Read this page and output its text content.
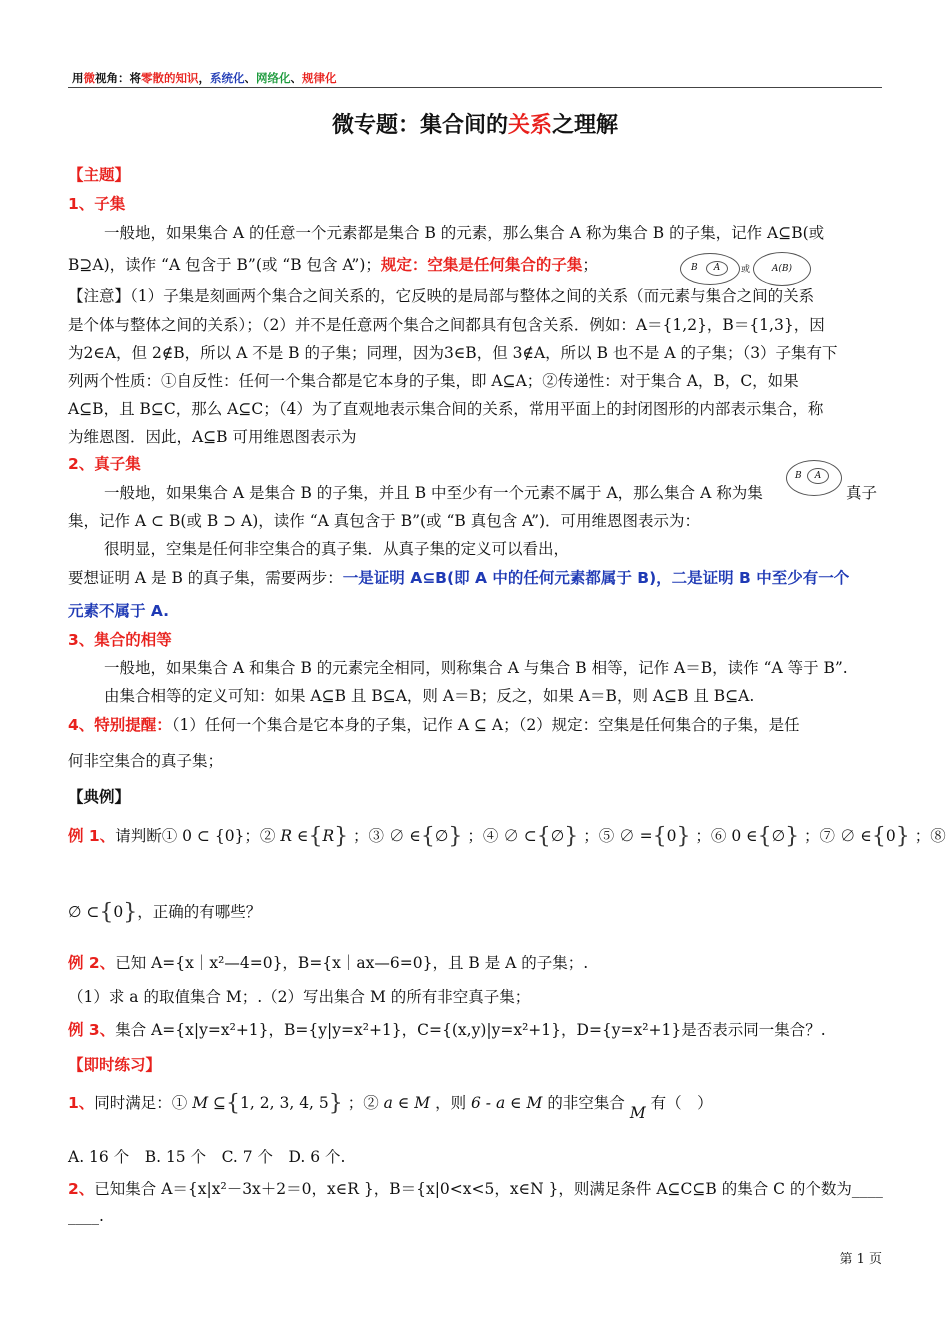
用微视角：将零散的知识，系统化、网络化、规律化
微专题：集合间的关系之理解
【主题】
1、子集
一般地，如果集合 A 的任意一个元素都是集合 B 的元素，那么集合 A 称为集合 B 的子集，记作 A⊆B(或
B⊇A)，读作 “A 包含于 B”(或 “B 包含 A”)；规定：空集是任何集合的子集；	B	A	或	A(B)
【注意】（1）子集是刻画两个集合之间关系的，它反映的是局部与整体之间的关系（而元素与集合之间的关系
是个体与整体之间的关系）；（2）并不是任意两个集合之间都具有包含关系．例如：A＝{1,2}，B＝{1,3}，因
为2∈A，但 2∉B，所以 A 不是 B 的子集；同理，因为3∈B，但 3∉A，所以 B 也不是 A 的子集；（3）子集有下
列两个性质：①自反性：任何一个集合都是它本身的子集，即 A⊆A；②传递性：对于集合 A，B，C，如果
A⊆B，且 B⊆C，那么 A⊆C；（4）为了直观地表示集合间的关系，常用平面上的封闭图形的内部表示集合，称
为维恩图．因此，A⊆B 可用维恩图表示为
2、真子集
一般地，如果集合 A 是集合 B 的子集，并且 B 中至少有一个元素不属于 A，那么集合 A 称为集
B	A
真子
集，记作 A ⊂ B(或 B ⊃ A)，读作 “A 真包含于 B”(或 “B 真包含 A”)．可用维恩图表示为：
很明显，空集是任何非空集合的真子集．从真子集的定义可以看出，
要想证明 A 是 B 的真子集，需要两步：一是证明 A⊆B(即 A 中的任何元素都属于 B)，二是证明 B 中至少有一个
元素不属于 A.
3、集合的相等
一般地，如果集合 A 和集合 B 的元素完全相同，则称集合 A 与集合 B 相等，记作 A＝B，读作 “A 等于 B”.
由集合相等的定义可知：如果 A⊆B 且 B⊆A，则 A＝B；反之，如果 A＝B，则 A⊆B 且 B⊆A.
4、特别提醒：（1）任何一个集合是它本身的子集，记作 A ⊆ A；（2）规定：空集是任何集合的子集，是任
何非空集合的真子集；
【典例】
例 1、请判断① 0 ⊂ {0}；② R ∈{R} ；③ ∅ ∈{∅} ；④ ∅ ⊂{∅} ；⑤ ∅ ={0} ；⑥ 0 ∈{∅} ；⑦ ∅ ∈{0} ；⑧
∅ ⊂{0}，正确的有哪些？
例 2、已知 A={x｜x²—4=0}，B={x｜ax—6=0}，且 B 是 A 的子集；.
（1）求 a 的取值集合 M；.（2）写出集合 M 的所有非空真子集；
例 3、集合 A={x|y=x²+1}，B={y|y=x²+1}，C={(x,y)|y=x²+1}，D={y=x²+1}是否表示同一集合？.
【即时练习】
1、同时满足：① M ⊆{1, 2, 3, 4, 5} ；② a ∈ M ，则 6 - a ∈ M 的非空集合 M 有（　）
A. 16 个　B. 15 个　C. 7 个　D. 6 个.
2、已知集合 A＝{x|x²－3x＋2＝0，x∈R }，B＝{x|0<x<5，x∈N }，则满足条件 A⊆C⊆B 的集合 C 的个数为____
____.
第 1 页
